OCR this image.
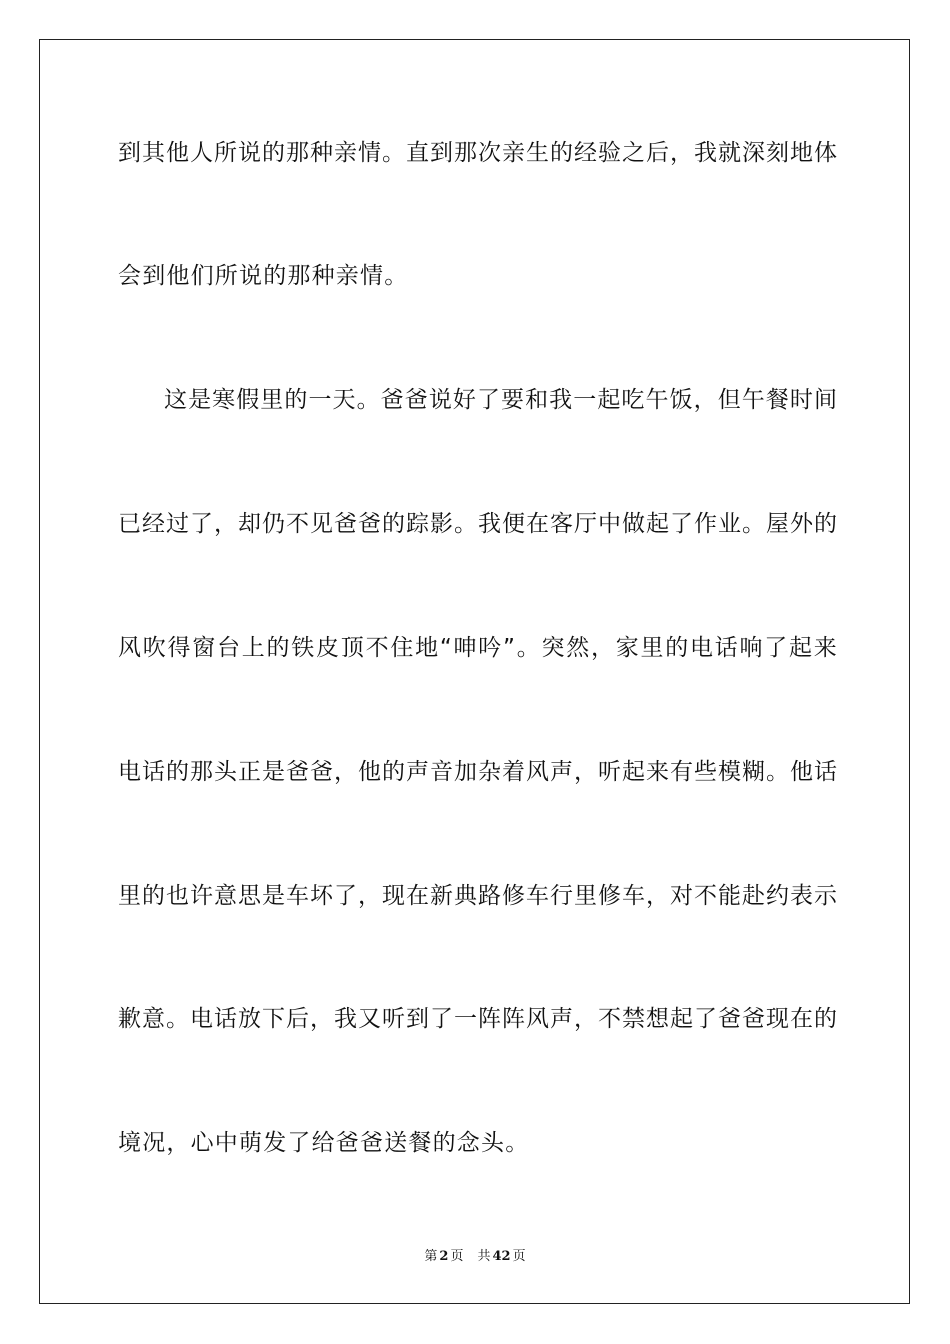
到其他人所说的那种亲情。直到那次亲生的经验之后，我就深刻地体

会到他们所说的那种亲情。

这是寒假里的一天。爸爸说好了要和我一起吃午饭，但午餐时间

已经过了，却仍不见爸爸的踪影。我便在客厅中做起了作业。屋外的

风吹得窗台上的铁皮顶不住地“呻吟”。突然，家里的电话响了起来

电话的那头正是爸爸，他的声音加杂着风声，听起来有些模糊。他话

里的也许意思是车坏了，现在新典路修车行里修车，对不能赴约表示

歉意。电话放下后，我又听到了一阵阵风声，不禁想起了爸爸现在的

境况，心中萌发了给爸爸送餐的念头。

第 2 页 共 42 页
